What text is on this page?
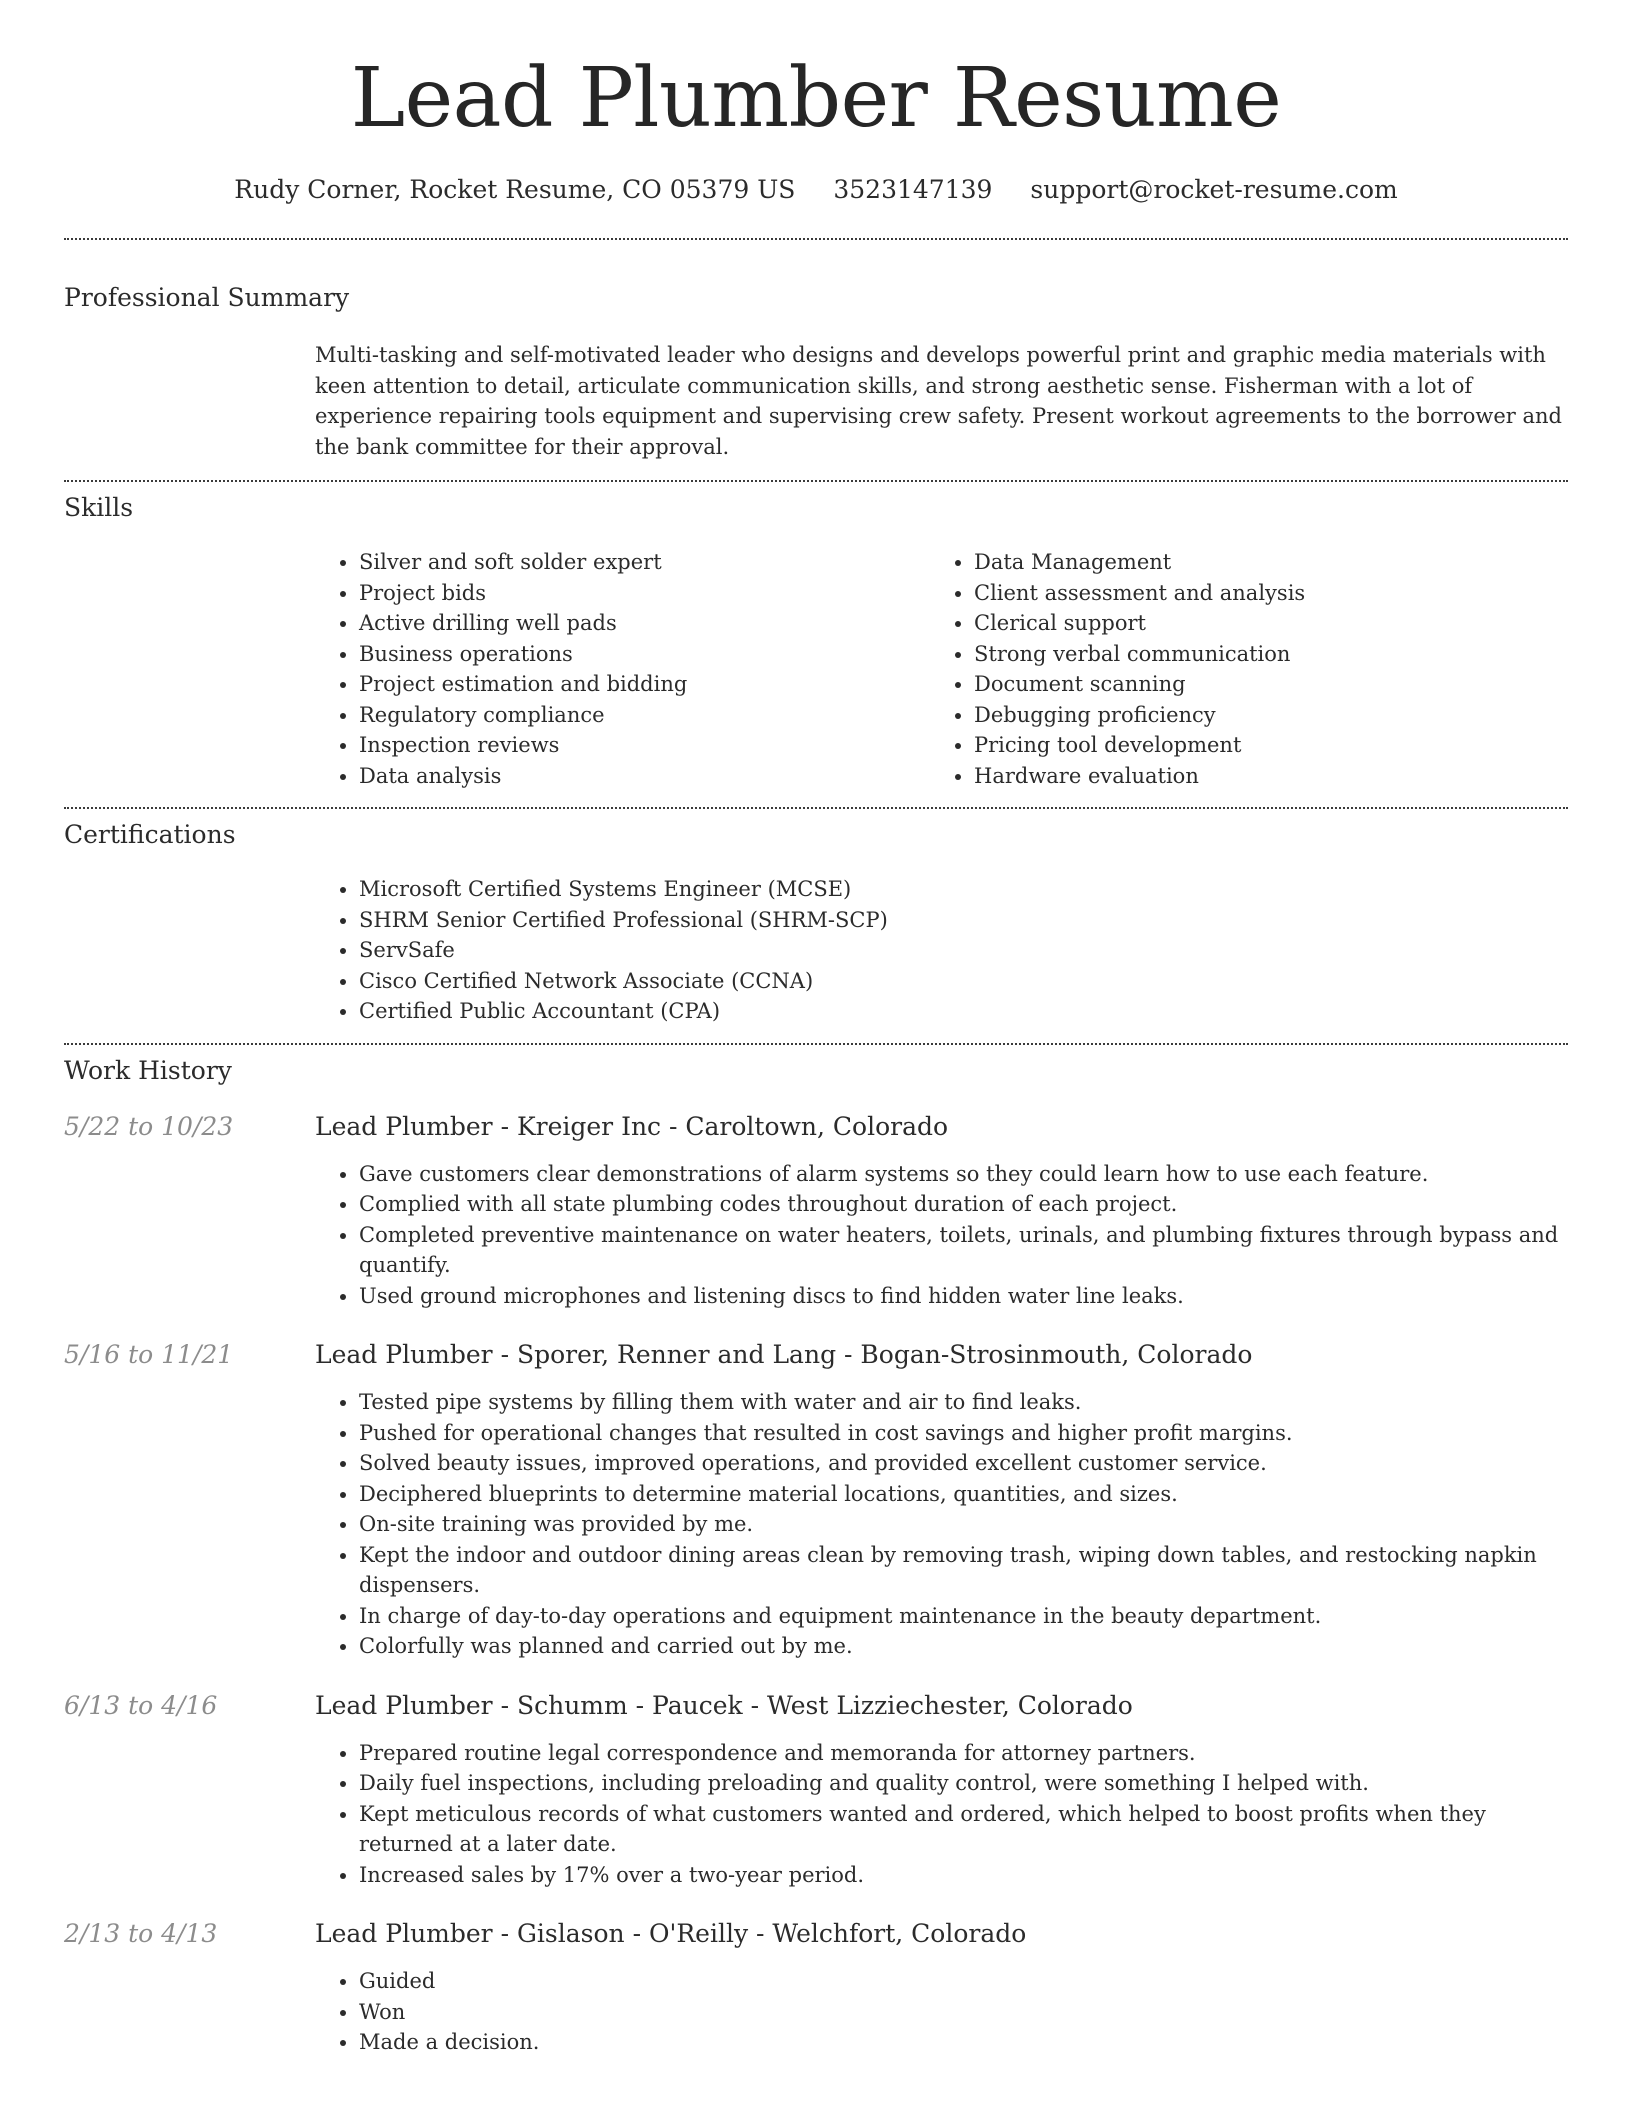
Lead Plumber Resume
Rudy Corner, Rocket Resume, CO 05379 US 3523147139 support@rocket-resume.com
Professional Summary

Multi-tasking and self-motivated leader who designs and develops powerful print and graphic media materials with keen attention to detail, articulate communication skills, and strong aesthetic sense. Fisherman with a lot of experience repairing tools equipment and supervising crew safety. Present workout agreements to the borrower and the bank committee for their approval.

Skills
• Silver and soft solder expert
• Project bids
• Active drilling well pads
• Business operations
• Project estimation and bidding
• Regulatory compliance
• Inspection reviews
• Data analysis
• Data Management
• Client assessment and analysis
• Clerical support
• Strong verbal communication
• Document scanning
• Debugging proficiency
• Pricing tool development
• Hardware evaluation
Certifications
• Microsoft Certified Systems Engineer (MCSE)
• SHRM Senior Certified Professional (SHRM-SCP)
• ServSafe
• Cisco Certified Network Associate (CCNA)
• Certified Public Accountant (CPA)
Work History
5/22 to 10/23	Lead Plumber - Kreiger Inc - Caroltown, Colorado
• Gave customers clear demonstrations of alarm systems so they could learn how to use each feature.
• Complied with all state plumbing codes throughout duration of each project.
• Completed preventive maintenance on water heaters, toilets, urinals, and plumbing fixtures through bypass and quantify.
• Used ground microphones and listening discs to find hidden water line leaks.
5/16 to 11/21	Lead Plumber - Sporer, Renner and Lang - Bogan-Strosinmouth, Colorado
• Tested pipe systems by filling them with water and air to find leaks.
• Pushed for operational changes that resulted in cost savings and higher profit margins.
• Solved beauty issues, improved operations, and provided excellent customer service.
• Deciphered blueprints to determine material locations, quantities, and sizes.
• On-site training was provided by me.
• Kept the indoor and outdoor dining areas clean by removing trash, wiping down tables, and restocking napkin dispensers.
• In charge of day-to-day operations and equipment maintenance in the beauty department.
• Colorfully was planned and carried out by me.
6/13 to 4/16	Lead Plumber - Schumm - Paucek - West Lizziechester, Colorado
• Prepared routine legal correspondence and memoranda for attorney partners.
• Daily fuel inspections, including preloading and quality control, were something I helped with.
• Kept meticulous records of what customers wanted and ordered, which helped to boost profits when they returned at a later date.
• Increased sales by 17% over a two-year period.
2/13 to 4/13	Lead Plumber - Gislason - O'Reilly - Welchfort, Colorado
• Guided
• Won
• Made a decision.
